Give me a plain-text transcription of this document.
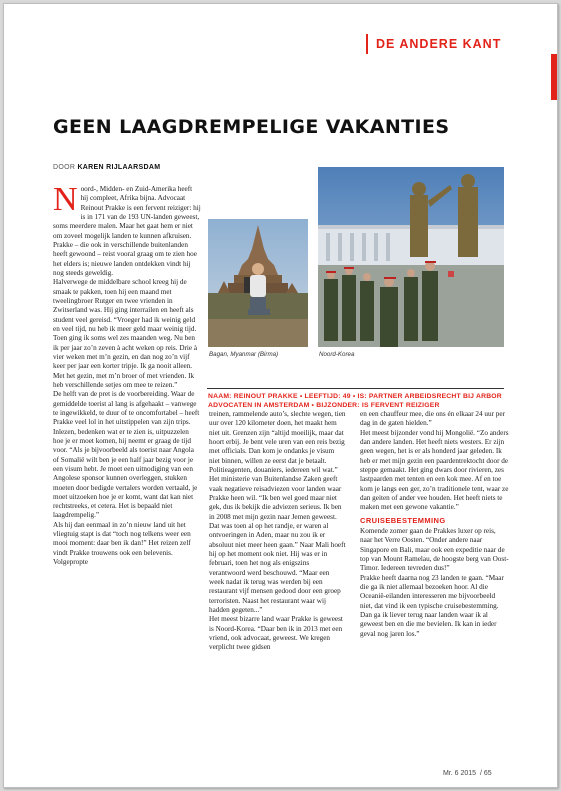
DE ANDERE KANT
GEEN LAAGDREMPELIGE VAKANTIES
DOOR KAREN RIJLAARSDAM

Noord-, Midden- en Zuid-Amerika heeft hij compleet, Afrika bijna. Advocaat Reinout Prakke is een fervent reiziger: hij is in 171 van de 193 UN-landen geweest, soms meerdere malen. Maar het gaat hem er niet om zoveel mogelijk landen te kunnen afkruisen. Prakke – die ook in verschillende buitenlanden heeft gewoond – reist vooral graag om te zien hoe het elders is; nieuwe landen ontdekken vindt hij nog steeds geweldig.

Halverwege de middelbare school kreeg hij de smaak te pakken, toen hij een maand met tweelingbroer Rutger en twee vrienden in Zwitserland was. Hij ging interrailen en heeft als student veel gereisd. “Vroeger had ik weinig geld en veel tijd, nu heb ik meer geld maar weinig tijd. Toen ging ik soms wel zes maanden weg. Nu ben ik per jaar zo’n zeven à acht weken op reis. Drie à vier weken met m’n gezin, en dan nog zo’n vijf keer per jaar een korter tripje. Ik ga nooit alleen. Met het gezin, met m’n broer of met vrienden. Ik heb verschillende setjes om mee te reizen.”

De helft van de pret is de voorbereiding. Waar de gemiddelde toerist al lang is afgehaakt – vanwege te ingewikkeld, te duur of te oncomfortabel – heeft Prakke veel lol in het uitstippelen van zijn trips. Inlezen, bedenken wat er te zien is, uitpuzzelen hoe je er moet komen, hij neemt er graag de tijd voor. “Als je bijvoorbeeld als toerist naar Angola of Somalië wilt ben je een half jaar bezig voor je een visum hebt. Je moet een uitnodiging van een Angolese sponsor kunnen overleggen, stukken moeten door bedigde vertalers worden vertaald, je moet uitzoeken hoe je er komt, want dat kan niet rechtstreeks, et cetera. Het is bepaald niet laagdrempelig.”

Als hij dan eenmaal in zo’n nieuw land uit het vliegtuig stapt is dat “toch nog telkens weer een mooi moment: daar ben ik dan!” Het reizen zelf vindt Prakke trouwens ook een belevenis. Volgepropte

Bagan, Myanmar (Birma)	Noord-Korea
NAAM: REINOUT PRAKKE • LEEFTIJD: 49 • IS: PARTNER ARBEIDSRECHT BIJ ARBOR ADVOCATEN IN AMSTERDAM • BIJZONDER: IS FERVENT REIZIGER

treinen, rammelende auto’s, slechte wegen, tien uur over 120 kilometer doen, het maakt hem niet uit. Grenzen zijn “altijd moeilijk, maar dat hoort erbij. Je bent vele uren van een reis bezig met officials. Dan kom je ondanks je visum niet binnen, willen ze eerst dat je betaalt. Politieagenten, douaniers, iedereen wil wat.”

Het ministerie van Buitenlandse Zaken geeft vaak negatieve reisadviezen voor landen waar Prakke heen wil. “Ik ben wel goed maar niet gek, dus ik bekijk die adviezen serieus. Ik ben in 2008 met mijn gezin naar Jemen geweest. Dat was toen al op het randje, er waren al ontvoeringen in Aden, maar nu zou ik er absoluut niet meer heen gaan.” Naar Mali hoeft hij op het moment ook niet. Hij was er in februari, toen het nog als enigszins verantwoord werd beschouwd. “Maar een week nadat ik terug was werden bij een restaurant vijf mensen gedood door een groep terroristen. Naast het restaurant waar wij hadden gegeten...”

Het meest bizarre land waar Prakke is geweest is Noord-Korea. “Daar ben ik in 2013 met een vriend, ook advocaat, geweest. We kregen verplicht twee gidsen

en een chauffeur mee, die ons én elkaar 24 uur per dag in de gaten hielden.”

Het meest bijzonder vond hij Mongolië. “Zo anders dan andere landen. Het heeft niets westers. Er zijn geen wegen, het is er als honderd jaar geleden. Ik heb er met mijn gezin een paardentrektocht door de steppe gemaakt. Het ging dwars door rivieren, zes lastpaarden met tenten en een kok mee. Af en toe kom je langs een ger, zo’n traditionele tent, waar ze dan geiten of ander vee houden. Het heeft niets te maken met een gewone vakantie.”

CRUISEBESTEMMING

Komende zomer gaan de Prakkes luxer op reis, naar het Verre Oosten. “Onder andere naar Singapore en Bali, maar ook een expeditie naar de top van Mount Ramelau, de hoogste berg van Oost-Timor. Iedereen tevreden dus!”

Prakke heeft daarna nog 23 landen te gaan. “Maar die ga ik niet allemaal bezoeken hoor. Al die Oceanië-eilanden interesseren me bijvoorbeeld niet, dat vind ik een typische cruisebestemming. Dan ga ik liever terug naar landen waar ik al geweest ben en die me bevielen. Ik kan in ieder geval nog jaren los.”

Mr. 6 2015  / 65
